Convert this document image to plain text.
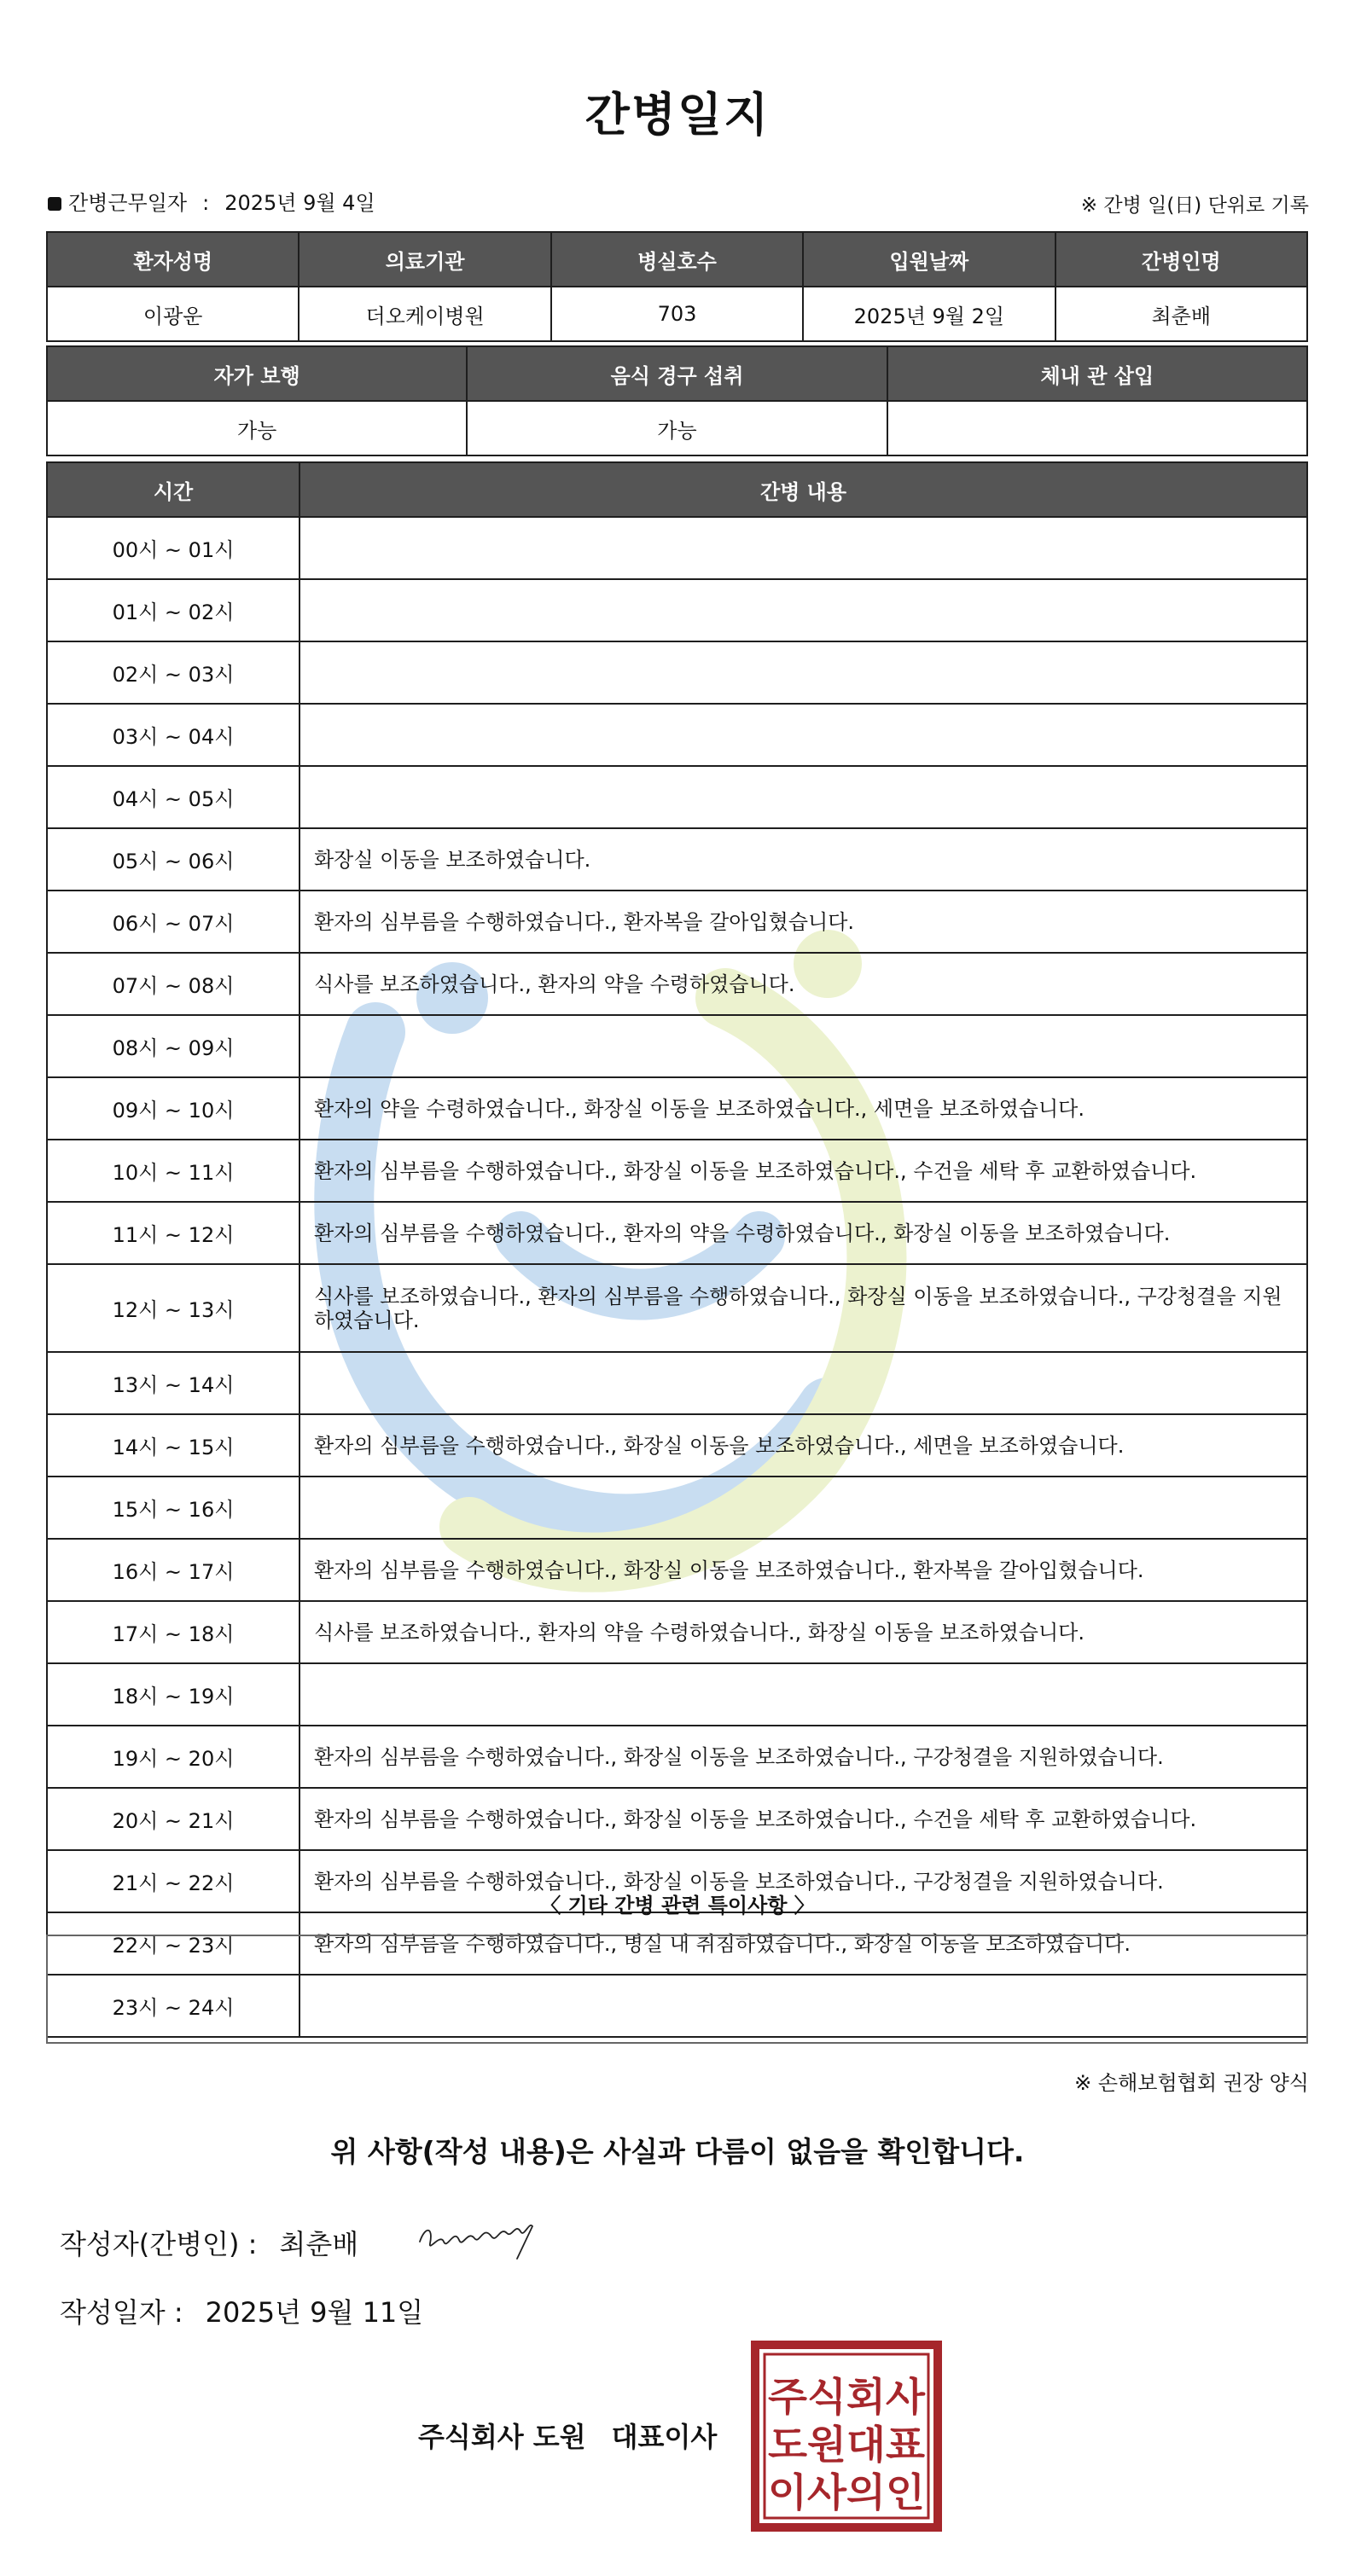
간병일지
간병근무일자 : 2025년 9월 4일	※ 간병 일(日) 단위로 기록
환자성명	의료기관	병실호수	입원날짜	간병인명
이광운	더오케이병원	703	2025년 9월 2일	최춘배
자가 보행	음식 경구 섭취	체내 관 삽입
가능	가능	
시간	간병 내용
00시 ~ 01시	
01시 ~ 02시	
02시 ~ 03시	
03시 ~ 04시	
04시 ~ 05시	
05시 ~ 06시	화장실 이동을 보조하였습니다.
06시 ~ 07시	환자의 심부름을 수행하였습니다., 환자복을 갈아입혔습니다.
07시 ~ 08시	식사를 보조하였습니다., 환자의 약을 수령하였습니다.
08시 ~ 09시	
09시 ~ 10시	환자의 약을 수령하였습니다., 화장실 이동을 보조하였습니다., 세면을 보조하였습니다.
10시 ~ 11시	환자의 심부름을 수행하였습니다., 화장실 이동을 보조하였습니다., 수건을 세탁 후 교환하였습니다.
11시 ~ 12시	환자의 심부름을 수행하였습니다., 환자의 약을 수령하였습니다., 화장실 이동을 보조하였습니다.
12시 ~ 13시	식사를 보조하였습니다., 환자의 심부름을 수행하였습니다., 화장실 이동을 보조하였습니다., 구강청결을 지원하였습니다.
13시 ~ 14시	
14시 ~ 15시	환자의 심부름을 수행하였습니다., 화장실 이동을 보조하였습니다., 세면을 보조하였습니다.
15시 ~ 16시	
16시 ~ 17시	환자의 심부름을 수행하였습니다., 화장실 이동을 보조하였습니다., 환자복을 갈아입혔습니다.
17시 ~ 18시	식사를 보조하였습니다., 환자의 약을 수령하였습니다., 화장실 이동을 보조하였습니다.
18시 ~ 19시	
19시 ~ 20시	환자의 심부름을 수행하였습니다., 화장실 이동을 보조하였습니다., 구강청결을 지원하였습니다.
20시 ~ 21시	환자의 심부름을 수행하였습니다., 화장실 이동을 보조하였습니다., 수건을 세탁 후 교환하였습니다.
21시 ~ 22시	환자의 심부름을 수행하였습니다., 화장실 이동을 보조하였습니다., 구강청결을 지원하였습니다.
22시 ~ 23시	환자의 심부름을 수행하였습니다., 병실 내 취침하였습니다., 화장실 이동을 보조하였습니다.
23시 ~ 24시	
〈 기타 간병 관련 특이사항 〉
※ 손해보험협회 권장 양식
위 사항(작성 내용)은 사실과 다름이 없음을 확인합니다.
작성자(간병인) : 최춘배
작성일자 : 2025년 9월 11일
주식회사 도원 대표이사
주식회사
도원대표
이사의인
